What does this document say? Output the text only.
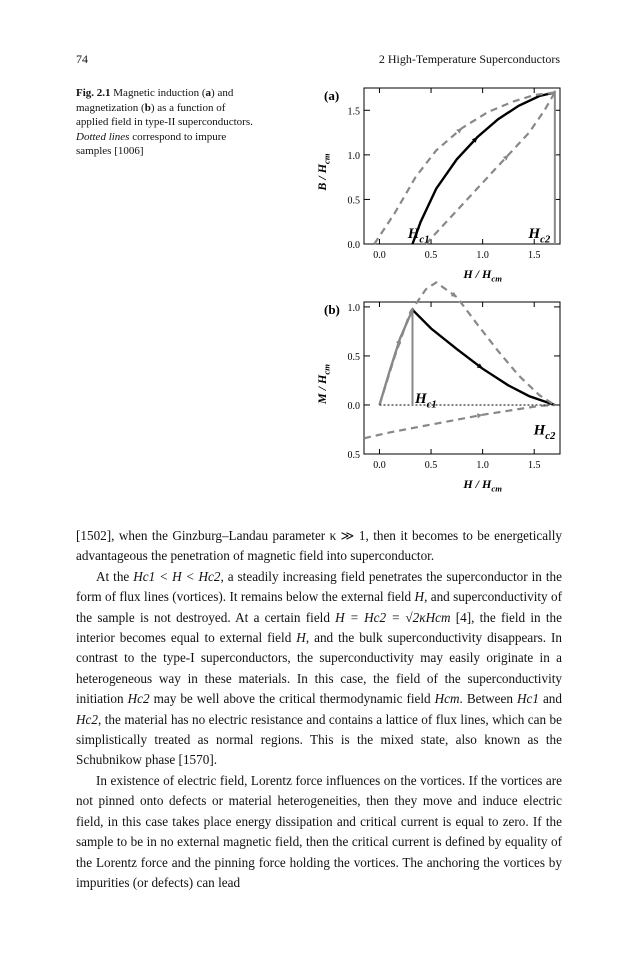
74	2 High-Temperature Superconductors
Fig. 2.1 Magnetic induction (a) and magnetization (b) as a function of applied field in type-II superconductors. Dotted lines correspond to impure samples [1006]
0.0	0.5	1.0	1.5
0.0
0.5
1.0
1.5
(a)
H / $H_{cm}$
B / $H_{cm}$
$H_{c1}$	$H_{c2}$
0.0	0.5	1.0	1.5
0.0
0.5
1.0
0.5
(b)
H / $H_{cm}$
M / $H_{cm}$
$H_{c1}$
$H_{c2}$

[1502], when the Ginzburg–Landau parameter κ ≫ 1, then it becomes to be energetically advantageous the penetration of magnetic field into superconductor.

At the Hc1 < H < Hc2, a steadily increasing field penetrates the superconductor in the form of flux lines (vortices). It remains below the external field H, and superconductivity of the sample is not destroyed. At a certain field H = Hc2 = √2κHcm [4], the field in the interior becomes equal to external field H, and the bulk superconductivity disappears. In contrast to the type-I superconductors, the superconductivity may easily originate in a heterogeneous way in these materials. In this case, the field of the superconductivity initiation Hc2 may be well above the critical thermodynamic field Hcm. Between Hc1 and Hc2, the material has no electric resistance and contains a lattice of flux lines, which can be simplistically treated as normal regions. This is the mixed state, also known as the Schubnikow phase [1570].

In existence of electric field, Lorentz force influences on the vortices. If the vortices are not pinned onto defects or material heterogeneities, then they move and induce electric field, in this case takes place energy dissipation and critical current is equal to zero. If the sample to be in no external magnetic field, then the critical current is defined by equality of the Lorentz force and the pinning force holding the vortices. The anchoring the vortices by impurities (or defects) can lead
